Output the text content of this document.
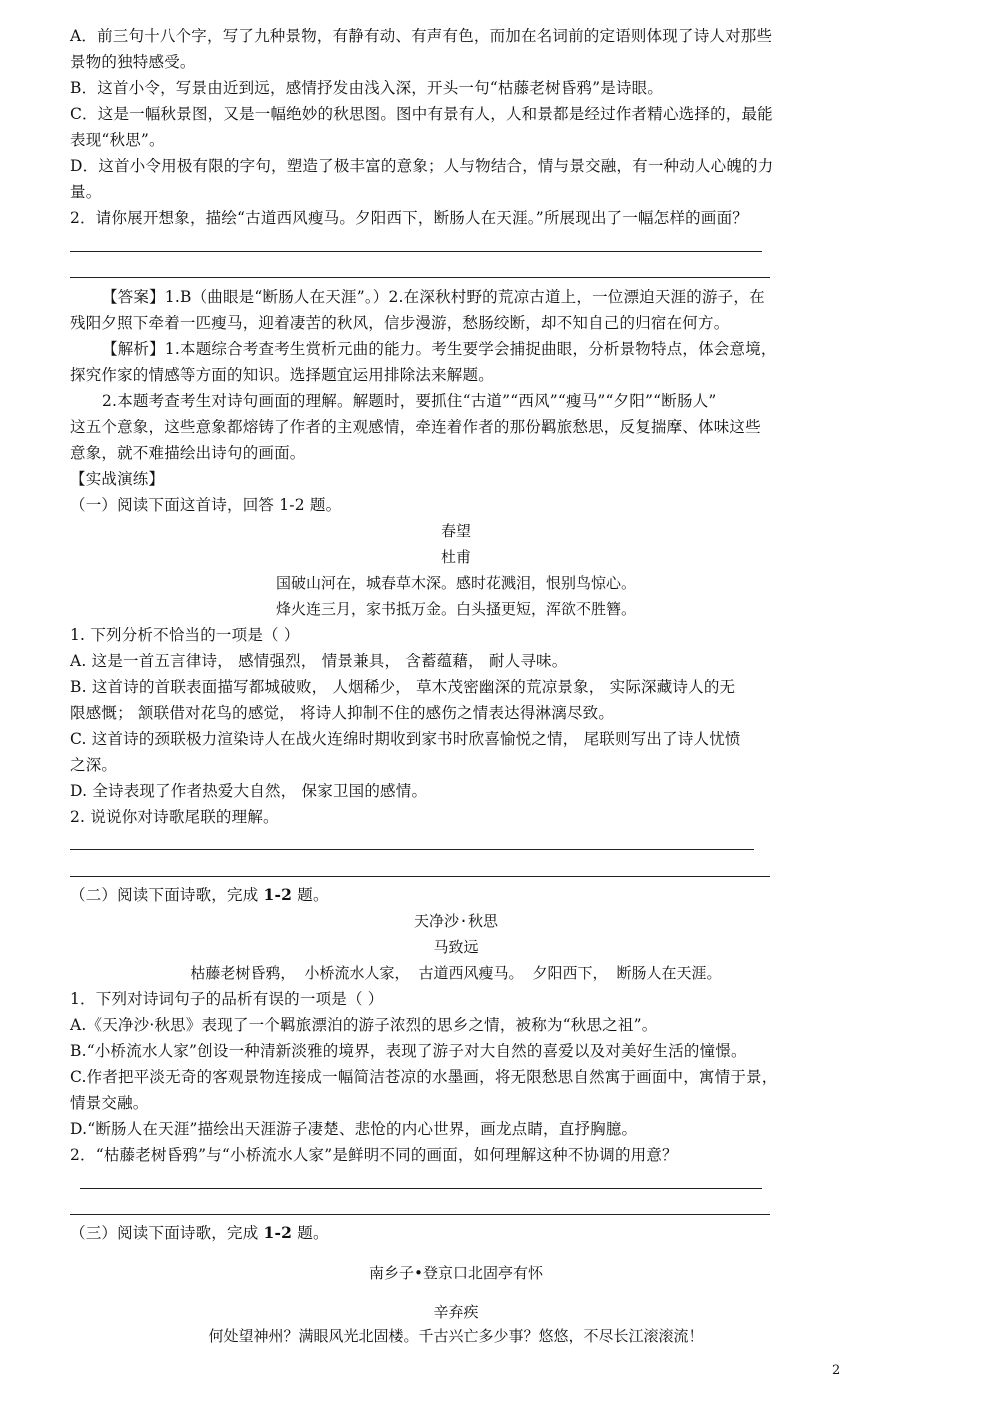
A．前三句十八个字，写了九种景物，有静有动、有声有色，而加在名词前的定语则体现了诗人对那些
景物的独特感受。
B．这首小令，写景由近到远，感情抒发由浅入深，开头一句“枯藤老树昏鸦”是诗眼。
C．这是一幅秋景图，又是一幅绝妙的秋思图。图中有景有人，人和景都是经过作者精心选择的，最能
表现“秋思”。
D．这首小令用极有限的字句，塑造了极丰富的意象；人与物结合，情与景交融，有一种动人心魄的力
量。
2．请你展开想象，描绘“古道西风瘦马。夕阳西下，断肠人在天涯。”所展现出了一幅怎样的画面？
【答案】1.B（曲眼是“断肠人在天涯”。）2.在深秋村野的荒凉古道上，一位漂迫天涯的游子，在
残阳夕照下牵着一匹瘦马，迎着凄苦的秋风，信步漫游，愁肠绞断，却不知自己的归宿在何方。
【解析】1.本题综合考查考生赏析元曲的能力。考生要学会捕捉曲眼，分析景物特点，体会意境，
探究作家的情感等方面的知识。选择题宜运用排除法来解题。
2.本题考查考生对诗句画面的理解。解题时，要抓住“古道”“西风”“瘦马”“夕阳”“断肠人”
这五个意象，这些意象都熔铸了作者的主观感情，牵连着作者的那份羁旅愁思，反复揣摩、体味这些
意象，就不难描绘出诗句的画面。
【实战演练】
（一）阅读下面这首诗，回答 1-2 题。
春望
杜甫
国破山河在，城春草木深。感时花溅泪，恨别鸟惊心。
烽火连三月，家书抵万金。白头搔更短，浑欲不胜簪。
1. 下列分析不恰当的一项是（ ）
A. 这是一首五言律诗， 感情强烈， 情景兼具， 含蓄蕴藉， 耐人寻味。
B. 这首诗的首联表面描写都城破败， 人烟稀少， 草木茂密幽深的荒凉景象， 实际深藏诗人的无
限感慨； 颔联借对花鸟的感觉， 将诗人抑制不住的感伤之情表达得淋漓尽致。
C. 这首诗的颈联极力渲染诗人在战火连绵时期收到家书时欣喜愉悦之情， 尾联则写出了诗人忧愤
之深。
D. 全诗表现了作者热爱大自然， 保家卫国的感情。
2. 说说你对诗歌尾联的理解。
（二）阅读下面诗歌，完成 1-2 题。
天净沙·秋思
马致远
枯藤老树昏鸦， 小桥流水人家， 古道西风瘦马。 夕阳西下， 断肠人在天涯。
1．下列对诗词句子的品析有误的一项是（ ）
A.《天净沙·秋思》表现了一个羁旅漂泊的游子浓烈的思乡之情，被称为“秋思之祖”。
B.“小桥流水人家”创设一种清新淡雅的境界，表现了游子对大自然的喜爱以及对美好生活的憧憬。
C.作者把平淡无奇的客观景物连接成一幅简洁苍凉的水墨画，将无限愁思自然寓于画面中，寓情于景，
情景交融。
D.“断肠人在天涯”描绘出天涯游子凄楚、悲怆的内心世界，画龙点睛，直抒胸臆。
2．“枯藤老树昏鸦”与“小桥流水人家”是鲜明不同的画面，如何理解这种不协调的用意？
（三）阅读下面诗歌，完成 1-2 题。
南乡子•登京口北固亭有怀
辛弃疾
何处望神州？满眼风光北固楼。千古兴亡多少事？悠悠，不尽长江滚滚流！
2
